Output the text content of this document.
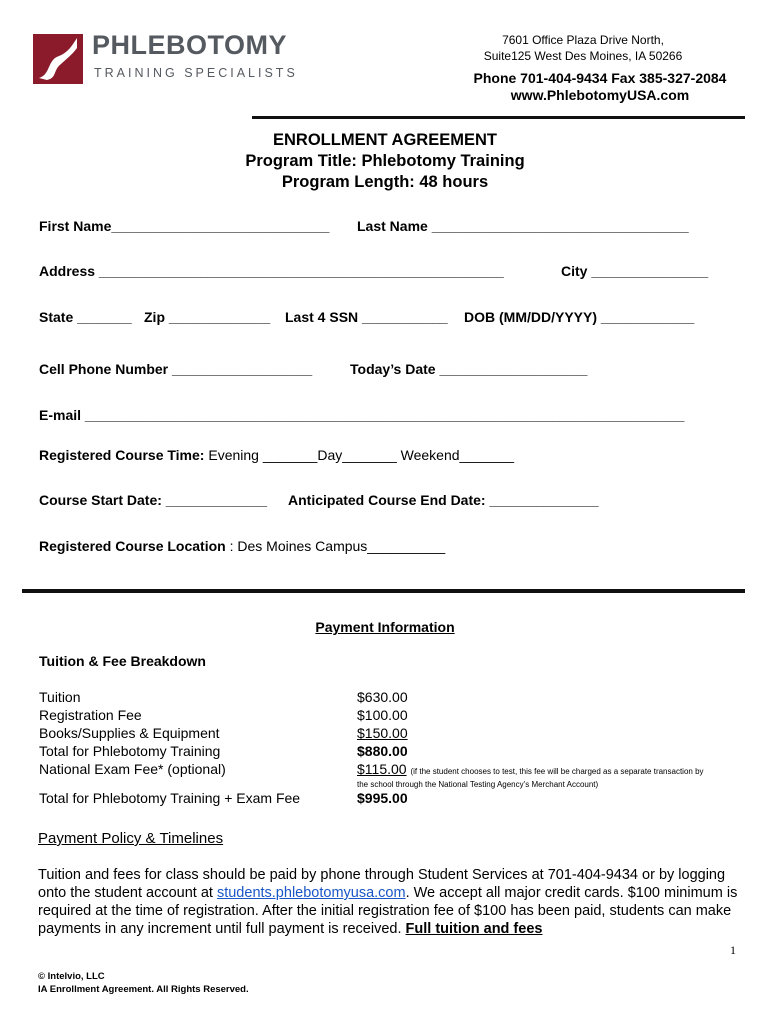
PHLEBOTOMY
TRAINING SPECIALISTS
7601 Office Plaza Drive North,
Suite125 West Des Moines, IA 50266
Phone 701-404-9434 Fax 385-327-2084
www.PhlebotomyUSA.com
ENROLLMENT AGREEMENT
Program Title: Phlebotomy Training
Program Length: 48 hours
First Name____________________________ Last Name _________________________________
Address ____________________________________________________	City _______________
State _______ Zip _____________ Last 4 SSN ___________ DOB (MM/DD/YYYY) ____________
Cell Phone Number __________________	Today’s Date ___________________
E-mail _____________________________________________________________________________
Registered Course Time: Evening _______Day_______ Weekend_______
Course Start Date: _____________ Anticipated Course End Date: ______________
Registered Course Location : Des Moines Campus__________
Payment Information
Tuition & Fee Breakdown
Tuition	$630.00
Registration Fee	$100.00
Books/Supplies & Equipment	$150.00
Total for Phlebotomy Training	$880.00
National Exam Fee* (optional)	$115.00 (if the student chooses to test, this fee will be charged as a separate transaction by
the school through the National Testing Agency’s Merchant Account)
Total for Phlebotomy Training + Exam Fee	$995.00
Payment Policy & Timelines
Tuition and fees for class should be paid by phone through Student Services at 701-404-9434 or by logging onto the student account at students.phlebotomyusa.com. We accept all major credit cards. $100 minimum is required at the time of registration. After the initial registration fee of $100 has been paid, students can make payments in any increment until full payment is received. Full tuition and fees
1
© Intelvio, LLC
IA Enrollment Agreement. All Rights Reserved.
